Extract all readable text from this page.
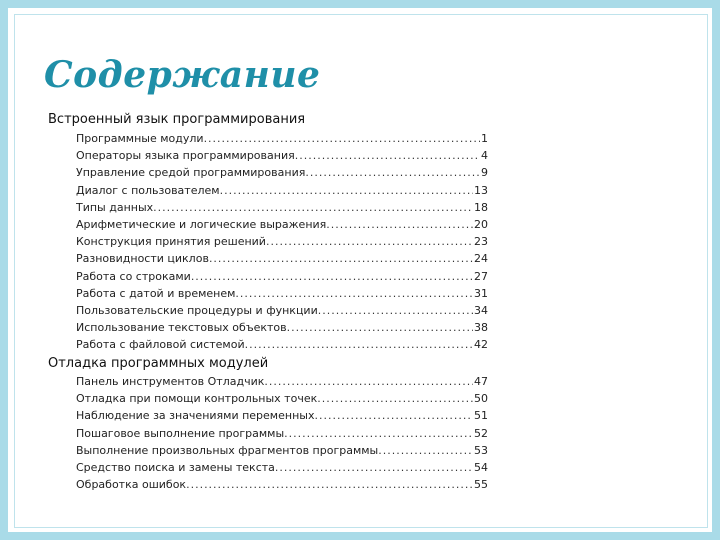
Содержание
Встроенный язык программирования
Отладка программных модулей
Программные модули .....	1
Операторы языка программирования .....	4
Управление средой программирования .....	9
Диалог с пользователем .....	13
Типы данных .....	18
Арифметические и логические выражения .....	20
Конструкция принятия решений .....	23
Разновидности циклов .....	24
Работа со строками .....	27
Работа с датой и временем .....	31
Пользовательские процедуры и функции .....	34
Использование текстовых объектов .....	38
Работа с файловой системой .....	42
Панель инструментов Отладчик .....	47
Отладка при помощи контрольных точек .....	50
Наблюдение за значениями переменных .....	51
Пошаговое выполнение программы .....	52
Выполнение произвольных фрагментов программы .....	53
Средство поиска и замены текста .....	54
Обработка ошибок .....	55
